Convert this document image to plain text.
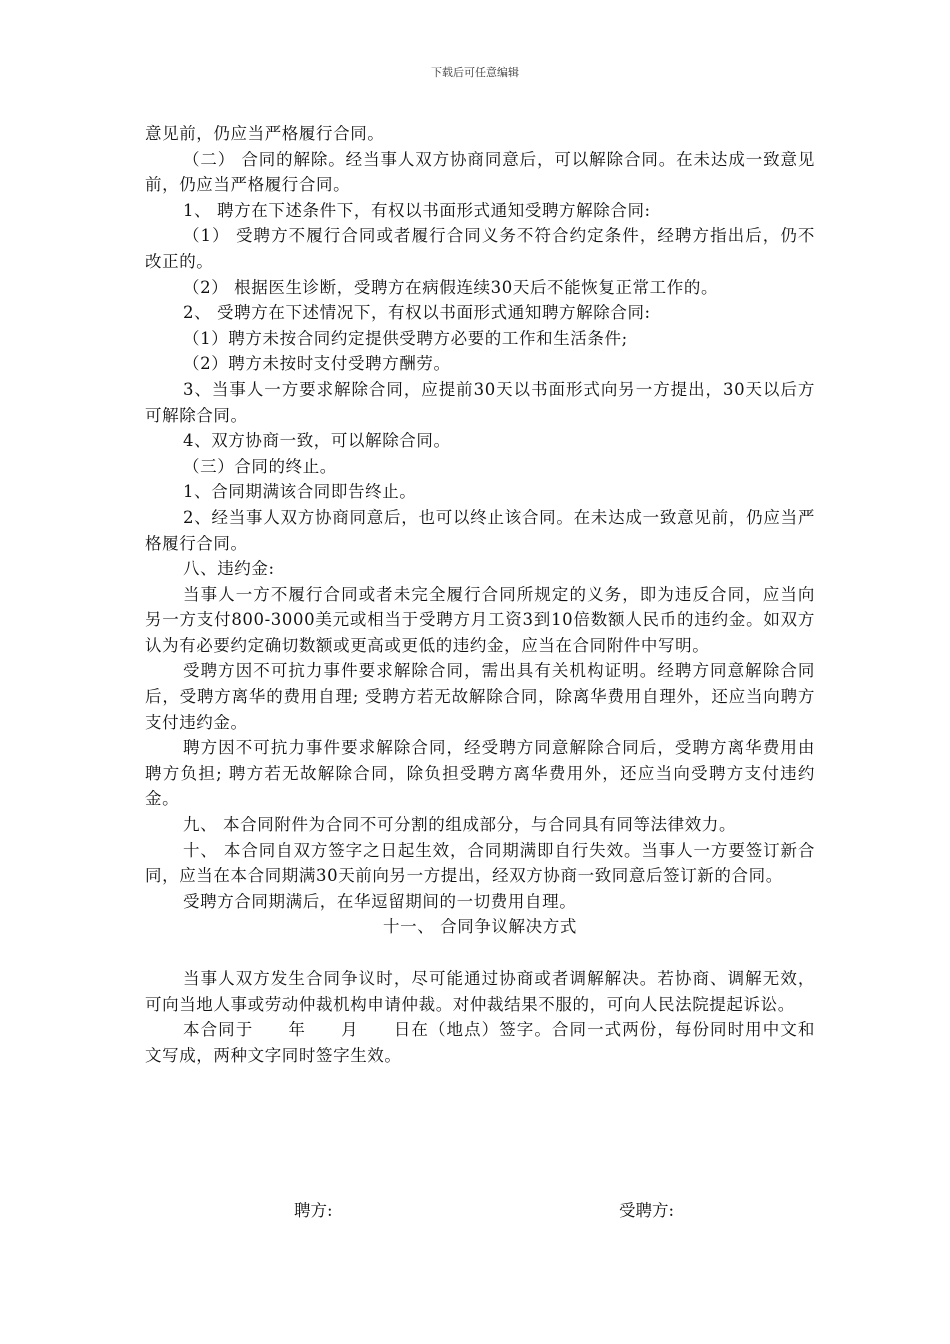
下载后可任意编辑

意见前，仍应当严格履行合同。

（二） 合同的解除。经当事人双方协商同意后，可以解除合同。在未达成一致意见前，仍应当严格履行合同。

1、 聘方在下述条件下，有权以书面形式通知受聘方解除合同:

（1） 受聘方不履行合同或者履行合同义务不符合约定条件，经聘方指出后，仍不改正的。

（2） 根据医生诊断，受聘方在病假连续30天后不能恢复正常工作的。

2、 受聘方在下述情况下，有权以书面形式通知聘方解除合同:

（1）聘方未按合同约定提供受聘方必要的工作和生活条件;

（2）聘方未按时支付受聘方酬劳。

3、当事人一方要求解除合同，应提前30天以书面形式向另一方提出，30天以后方可解除合同。

4、双方协商一致，可以解除合同。

（三）合同的终止。

1、合同期满该合同即告终止。

2、经当事人双方协商同意后，也可以终止该合同。在未达成一致意见前，仍应当严格履行合同。

八、违约金:

当事人一方不履行合同或者未完全履行合同所规定的义务，即为违反合同，应当向另一方支付800-3000美元或相当于受聘方月工资3到10倍数额人民币的违约金。如双方认为有必要约定确切数额或更高或更低的违约金，应当在合同附件中写明。

受聘方因不可抗力事件要求解除合同，需出具有关机构证明。经聘方同意解除合同后，受聘方离华的费用自理; 受聘方若无故解除合同，除离华费用自理外，还应当向聘方支付违约金。

聘方因不可抗力事件要求解除合同，经受聘方同意解除合同后，受聘方离华费用由聘方负担; 聘方若无故解除合同，除负担受聘方离华费用外，还应当向受聘方支付违约金。

九、 本合同附件为合同不可分割的组成部分，与合同具有同等法律效力。

十、 本合同自双方签字之日起生效，合同期满即自行失效。当事人一方要签订新合同，应当在本合同期满30天前向另一方提出，经双方协商一致同意后签订新的合同。

受聘方合同期满后，在华逗留期间的一切费用自理。

十一、 合同争议解决方式

当事人双方发生合同争议时，尽可能通过协商或者调解解决。若协商、调解无效，可向当地人事或劳动仲裁机构申请仲裁。对仲裁结果不服的，可向人民法院提起诉讼。

本合同于　　年　　月　　日在（地点）签字。合同一式两份，每份同时用中文和　文写成，两种文字同时签字生效。

聘方:	受聘方:
